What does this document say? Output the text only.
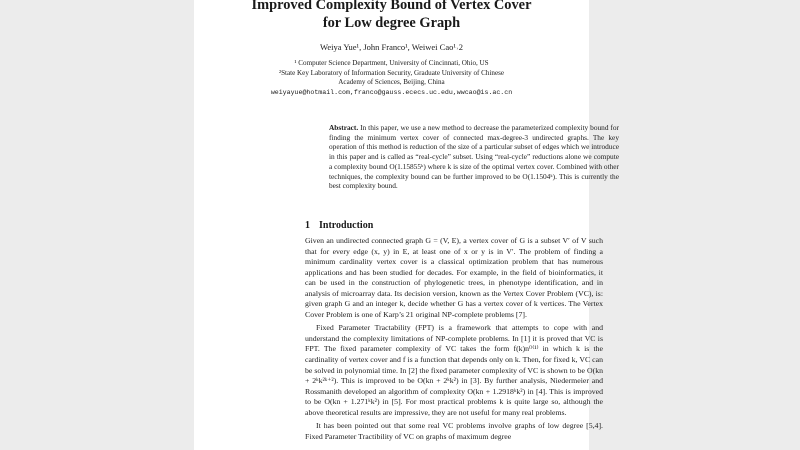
Improved Complexity Bound of Vertex Cover
for Low degree Graph
Weiya Yue¹, John Franco¹, Weiwei Cao¹˒2
¹ Computer Science Department, University of Cincinnati, Ohio, US
²State Key Laboratory of Information Security, Graduate University of Chinese
Academy of Sciences, Beijing, China
weiyayue@hotmail.com,franco@gauss.ececs.uc.edu,wwcao@is.ac.cn
Abstract. In this paper, we use a new method to decrease the parameterized complexity bound for finding the minimum vertex cover of connected max-degree-3 undirected graphs. The key operation of this method is reduction of the size of a particular subset of edges which we introduce in this paper and is called as “real-cycle” subset. Using “real-cycle” reductions alone we compute a complexity bound O(1.15855ᵏ) where k is size of the optimal vertex cover. Combined with other techniques, the complexity bound can be further improved to be O(1.1504ᵏ). This is currently the best complexity bound.
1 Introduction

Given an undirected connected graph G = (V, E), a vertex cover of G is a subset V′ of V such that for every edge (x, y) in E, at least one of x or y is in V′. The problem of finding a minimum cardinality vertex cover is a classical optimization problem that has numerous applications and has been studied for decades. For example, in the field of bioinformatics, it can be used in the construction of phylogenetic trees, in phenotype identification, and in analysis of microarray data. Its decision version, known as the Vertex Cover Problem (VC), is: given graph G and an integer k, decide whether G has a vertex cover of k vertices. The Vertex Cover Problem is one of Karp’s 21 original NP-complete problems [7].

Fixed Parameter Tractability (FPT) is a framework that attempts to cope with and understand the complexity limitations of NP-complete problems. In [1] it is proved that VC is FPT. The fixed parameter complexity of VC takes the form f(k)nᴼ⁽¹⁾ in which k is the cardinality of vertex cover and f is a function that depends only on k. Then, for fixed k, VC can be solved in polynomial time. In [2] the fixed parameter complexity of VC is shown to be O(kn + 2ᵏk²ᵏ⁺²). This is improved to be O(kn + 2ᵏk²) in [3]. By further analysis, Niedermeier and Rossmanith developed an algorithm of complexity O(kn + 1.2918ᵏk²) in [4]. This is improved to be O(kn + 1.271ᵏk²) in [5]. For most practical problems k is quite large so, although the above theoretical results are impressive, they are not useful for many real problems.

It has been pointed out that some real VC problems involve graphs of low degree [5,4]. Fixed Parameter Tractibility of VC on graphs of maximum degree
